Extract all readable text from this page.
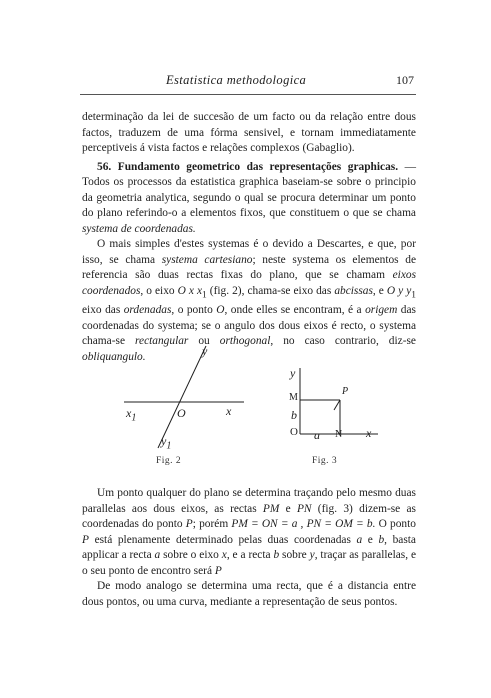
Estatistica methodologica	107

determinação da lei de succesão de um facto ou da relação entre dous factos, traduzem de uma fórma sensivel, e tornam immediatamente perceptiveis á vista factos e relações complexos (Gabaglio).

56. Fundamento geometrico das representações graphicas. — Todos os processos da estatistica graphica baseiam-se sobre o principio da geometria analytica, segundo o qual se procura determinar um ponto do plano referindo-o a elementos fixos, que constituem o que se chama systema de coordenadas.

O mais simples d'estes systemas é o devido a Descartes, e que, por isso, se chama systema cartesiano; neste systema os elementos de referencia são duas rectas fixas do plano, que se chamam eixos coordenados, o eixo O x $x_1$ (fig. 2), chama-se eixo das abcissas, e O y $y_1$ eixo das ordenadas, o ponto O, onde elles se encontram, é a origem das coordenadas do systema; se o angulo dos dous eixos é recto, o systema chama-se rectangular ou orthogonal, no caso contrario, diz-se obliquangulo.	y
$x_1$	O	x
$y_1$
Fig. 2
y
P
M
b
O a N x
Fig. 3

Um ponto qualquer do plano se determina traçando pelo mesmo duas parallelas aos dous eixos, as rectas PM e PN (fig. 3) dizem-se as coordenadas do ponto P; porém PM = ON = a , PN = OM = b. O ponto P está plenamente determinado pelas duas coordenadas a e b, basta applicar a recta a sobre o eixo x, e a recta b sobre y, traçar as parallelas, e o seu ponto de encontro será P

De modo analogo se determina uma recta, que é a distancia entre dous pontos, ou uma curva, mediante a representação de seus pontos.
